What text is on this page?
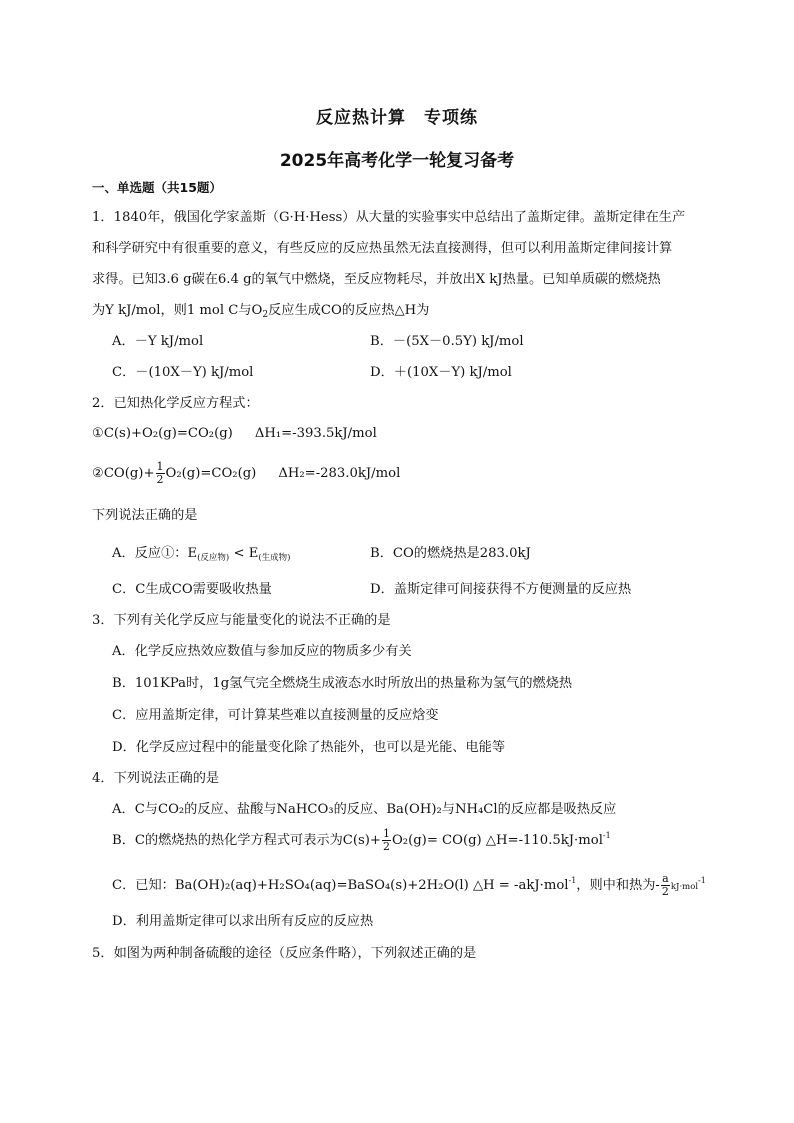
反应热计算　专项练
2025年高考化学一轮复习备考
一、单选题（共15题）
1．1840年，俄国化学家盖斯（G·H·Hess）从大量的实验事实中总结出了盖斯定律。盖斯定律在生产
和科学研究中有很重要的意义，有些反应的反应热虽然无法直接测得，但可以利用盖斯定律间接计算
求得。已知3.6 g碳在6.4 g的氧气中燃烧，至反应物耗尽，并放出X kJ热量。已知单质碳的燃烧热
为Y kJ/mol，则1 mol C与$O_2$反应生成CO的反应热△H为
A．－Y kJ/mol	B．－(5X－0.5Y) kJ/mol
C．－(10X－Y) kJ/mol	D．＋(10X－Y) kJ/mol
2．已知热化学反应方程式：
①C(s)+O₂(g)=CO₂(g) ΔH₁=-393.5kJ/mol
②CO(g)+ $\frac{1}{2} O_2(g)=CO_2(g)$ ΔH₂=-283.0kJ/mol
下列说法正确的是
A．反应①：$E_{(反应物)} < E_{(生成物)}$	B．CO的燃烧热是283.0kJ
C．C生成CO需要吸收热量	D．盖斯定律可间接获得不方便测量的反应热
3．下列有关化学反应与能量变化的说法不正确的是
A．化学反应热效应数值与参加反应的物质多少有关
B．101KPa时，1g氢气完全燃烧生成液态水时所放出的热量称为氢气的燃烧热
C．应用盖斯定律，可计算某些难以直接测量的反应焓变
D．化学反应过程中的能量变化除了热能外，也可以是光能、电能等
4．下列说法正确的是
A．C与CO₂的反应、盐酸与NaHCO₃的反应、Ba(OH)₂与NH₄Cl的反应都是吸热反应
B．C的燃烧热的热化学方程式可表示为$C(s)+ \frac{1}{2} O_2(g)= CO(g)$ △H=-110.5kJ·mol$^{-1}$
C．已知：Ba(OH)₂(aq)+H₂SO₄(aq)=BaSO₄(s)+2H₂O(l) △H = -akJ·mol$^{-1}$，则中和热为- $\frac{a}{2} kJ\cdot mol^{-1}$
D．利用盖斯定律可以求出所有反应的反应热
5．如图为两种制备硫酸的途径（反应条件略），下列叙述正确的是
